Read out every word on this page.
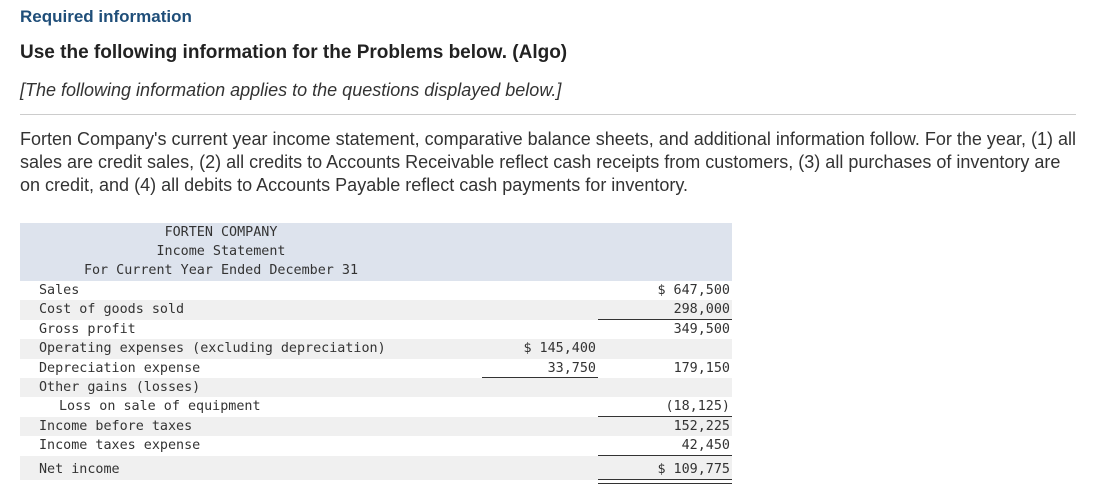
Required information
Use the following information for the Problems below. (Algo)
[The following information applies to the questions displayed below.]
Forten Company's current year income statement, comparative balance sheets, and additional information follow. For the year, (1) all sales are credit sales, (2) all credits to Accounts Receivable reflect cash receipts from customers, (3) all purchases of inventory are on credit, and (4) all debits to Accounts Payable reflect cash payments for inventory.
FORTEN COMPANY
Income Statement
For Current Year Ended December 31
Sales	$ 647,500
Cost of goods sold	298,000
Gross profit	349,500
Operating expenses (excluding depreciation)	$ 145,400
Depreciation expense	33,750	179,150
Other gains (losses)
Loss on sale of equipment	(18,125)
Income before taxes	152,225
Income taxes expense	42,450
Net income	$ 109,775
